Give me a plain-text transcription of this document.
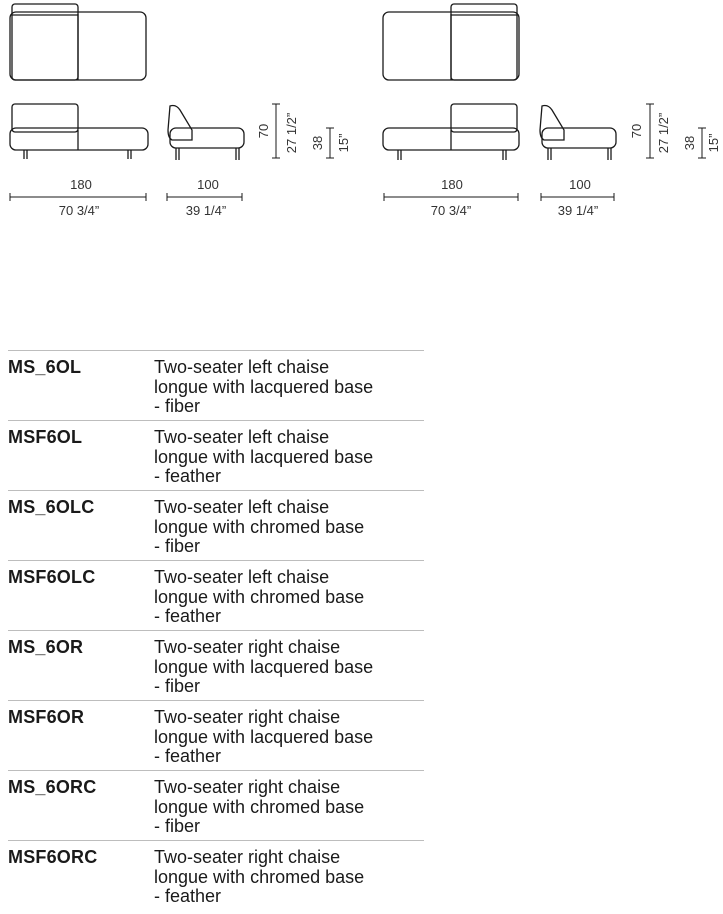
180
70 3/4”
100
39 1/4”
70 27 1/2” 38 15”
180
70 3/4”
100
39 1/4”
70 27 1/2” 38 15”
MS_6OL	Two-seater left chaise
longue with lacquered base
- fiber
MSF6OL	Two-seater left chaise
longue with lacquered base
- feather
MS_6OLC	Two-seater left chaise
longue with chromed base
- fiber
MSF6OLC	Two-seater left chaise
longue with chromed base
- feather
MS_6OR	Two-seater right chaise
longue with lacquered base
- fiber
MSF6OR	Two-seater right chaise
longue with lacquered base
- feather
MS_6ORC	Two-seater right chaise
longue with chromed base
- fiber
MSF6ORC	Two-seater right chaise
longue with chromed base
- feather
